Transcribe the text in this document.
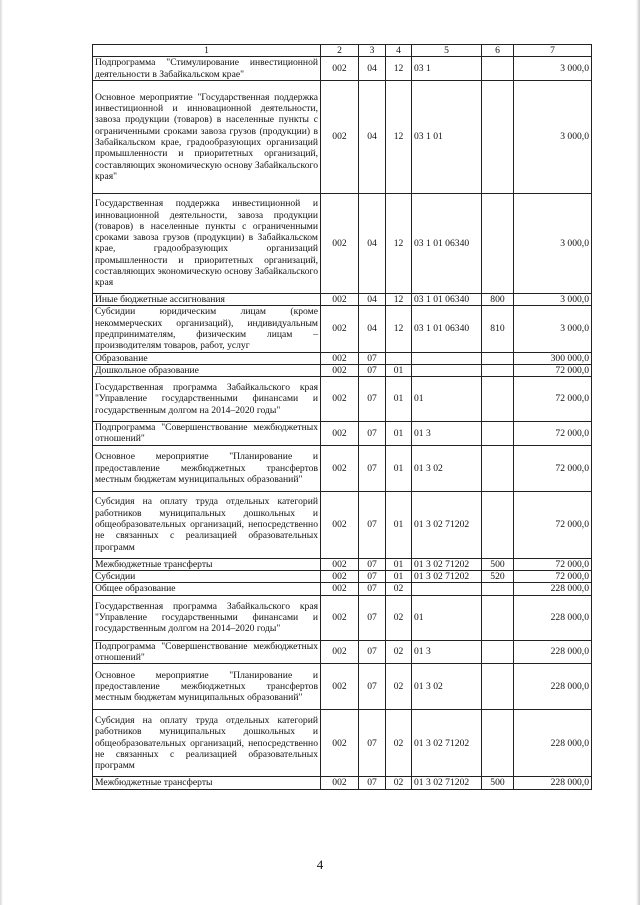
1	2	3	4	5	6	7
Подпрограмма "Стимулирование инвестиционной деятельности в Забайкальском крае"	002	04	12	03 1		3 000,0
Основное мероприятие "Государственная поддержка инвестиционной и инновационной деятельности, завоза продукции (товаров) в населенные пункты с ограниченными сроками завоза грузов (продукции) в Забайкальском крае, градообразующих организаций промышленности и приоритетных организаций, составляющих экономическую основу Забайкальского края"	002	04	12	03 1 01		3 000,0
Государственная поддержка инвестиционной и инновационной деятельности, завоза продукции (товаров) в населенные пункты с ограниченными сроками завоза грузов (продукции) в Забайкальском крае, градообразующих организаций промышленности и приоритетных организаций, составляющих экономическую основу Забайкальского края	002	04	12	03 1 01 06340		3 000,0
Иные бюджетные ассигнования	002	04	12	03 1 01 06340	800	3 000,0
Субсидии юридическим лицам (кроме некоммерческих организаций), индивидуальным предпринимателям, физическим лицам – производителям товаров, работ, услуг	002	04	12	03 1 01 06340	810	3 000,0
Образование	002	07				300 000,0
Дошкольное образование	002	07	01			72 000,0
Государственная программа Забайкальского края "Управление государственными финансами и государственным долгом на 2014–2020 годы"	002	07	01	01		72 000,0
Подпрограмма "Совершенствование межбюджетных отношений"	002	07	01	01 3		72 000,0
Основное мероприятие "Планирование и предоставление межбюджетных трансфертов местным бюджетам муниципальных образований"	002	07	01	01 3 02		72 000,0
Субсидия на оплату труда отдельных категорий работников муниципальных дошкольных и общеобразовательных организаций, непосредственно не связанных с реализацией образовательных программ	002	07	01	01 3 02 71202		72 000,0
Межбюджетные трансферты	002	07	01	01 3 02 71202	500	72 000,0
Субсидии	002	07	01	01 3 02 71202	520	72 000,0
Общее образование	002	07	02			228 000,0
Государственная программа Забайкальского края "Управление государственными финансами и государственным долгом на 2014–2020 годы"	002	07	02	01		228 000,0
Подпрограмма "Совершенствование межбюджетных отношений"	002	07	02	01 3		228 000,0
Основное мероприятие "Планирование и предоставление межбюджетных трансфертов местным бюджетам муниципальных образований"	002	07	02	01 3 02		228 000,0
Субсидия на оплату труда отдельных категорий работников муниципальных дошкольных и общеобразовательных организаций, непосредственно не связанных с реализацией образовательных программ	002	07	02	01 3 02 71202		228 000,0
Межбюджетные трансферты	002	07	02	01 3 02 71202	500	228 000,0
4
